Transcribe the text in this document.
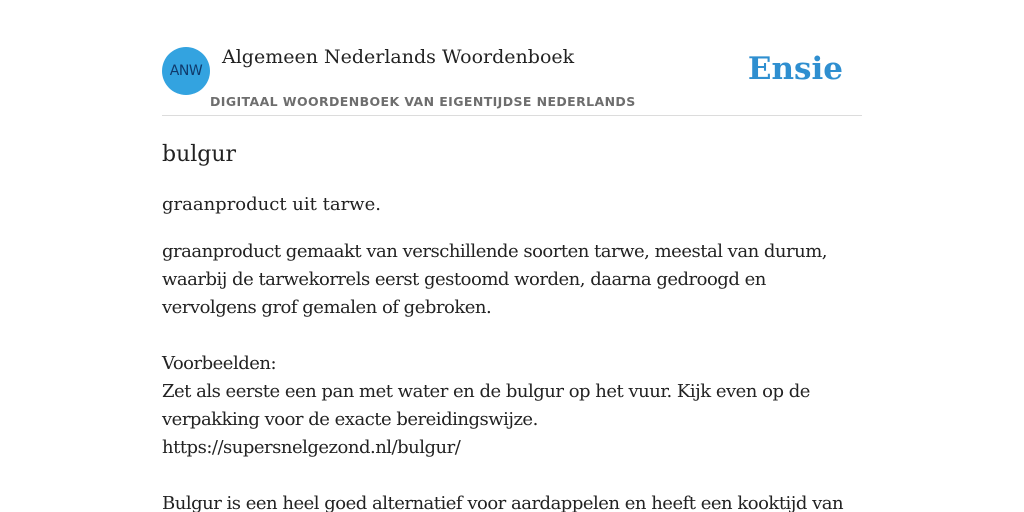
ANW
Algemeen Nederlands Woordenboek
DIGITAAL WOORDENBOEK VAN EIGENTIJDSE NEDERLANDS
Ensie
bulgur

graanproduct uit tarwe.

graanproduct gemaakt van verschillende soorten tarwe, meestal van durum, waarbij de tarwekorrels eerst gestoomd worden, daarna gedroogd en vervolgens grof gemalen of gebroken.

Voorbeelden:
Zet als eerste een pan met water en de bulgur op het vuur. Kijk even op de verpakking voor de exacte bereidingswijze.
https://supersnelgezond.nl/bulgur/
Bulgur is een heel goed alternatief voor aardappelen en heeft een kooktijd van
